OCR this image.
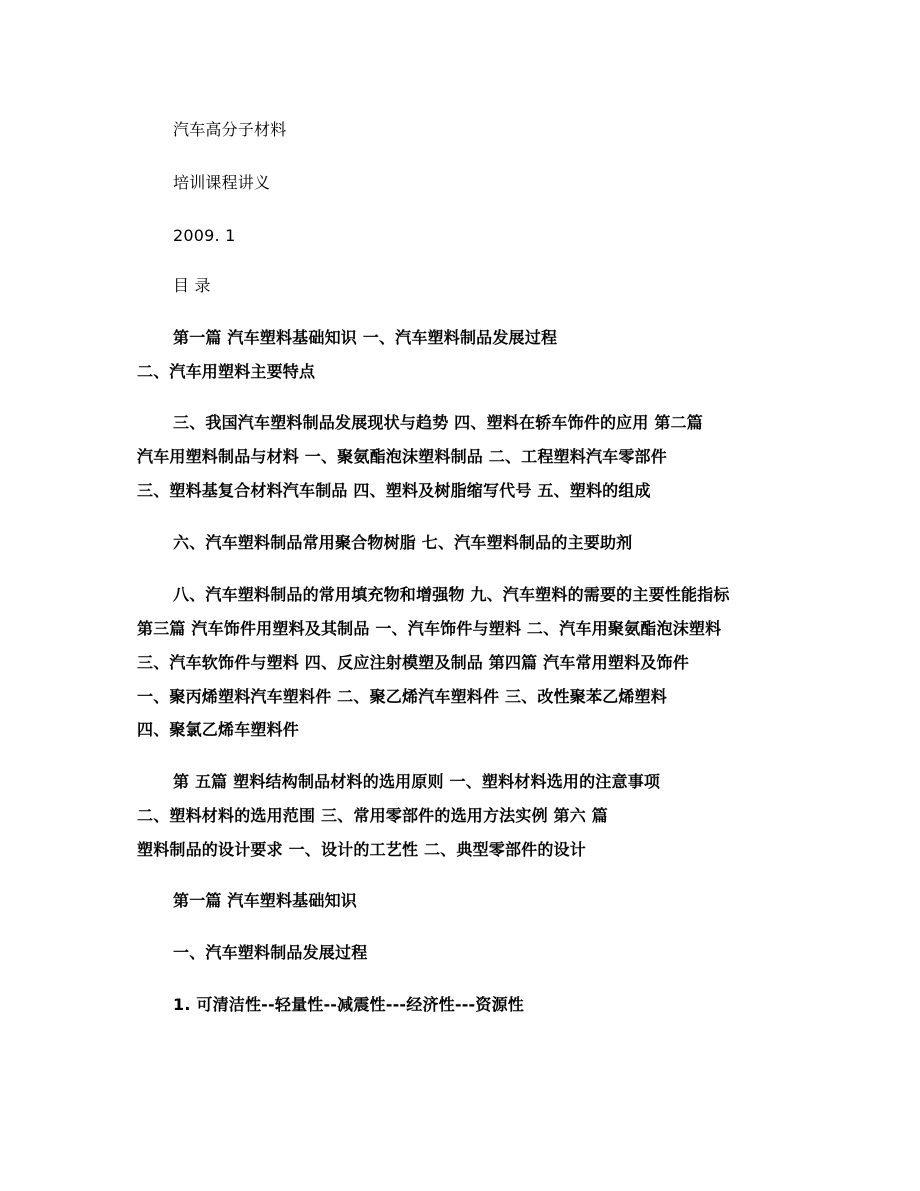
汽车高分子材料
培训课程讲义
2009. 1
目 录
第一篇 汽车塑料基础知识 一、汽车塑料制品发展过程
二、汽车用塑料主要特点
三、我国汽车塑料制品发展现状与趋势 四、塑料在轿车饰件的应用 第二篇
汽车用塑料制品与材料 一、聚氨酯泡沫塑料制品 二、工程塑料汽车零部件
三、塑料基复合材料汽车制品 四、塑料及树脂缩写代号 五、塑料的组成
六、汽车塑料制品常用聚合物树脂 七、汽车塑料制品的主要助剂
八、汽车塑料制品的常用填充物和增强物 九、汽车塑料的需要的主要性能指标
第三篇 汽车饰件用塑料及其制品 一、汽车饰件与塑料 二、汽车用聚氨酯泡沫塑料
三、汽车软饰件与塑料 四、反应注射模塑及制品 第四篇 汽车常用塑料及饰件
一、聚丙烯塑料汽车塑料件 二、聚乙烯汽车塑料件 三、改性聚苯乙烯塑料
四、聚氯乙烯车塑料件
第 五篇 塑料结构制品材料的选用原则 一、塑料材料选用的注意事项
二、塑料材料的选用范围 三、常用零部件的选用方法实例 第六 篇
塑料制品的设计要求 一、设计的工艺性 二、典型零部件的设计
第一篇 汽车塑料基础知识
一、汽车塑料制品发展过程
1. 可清洁性--轻量性--减震性---经济性---资源性
